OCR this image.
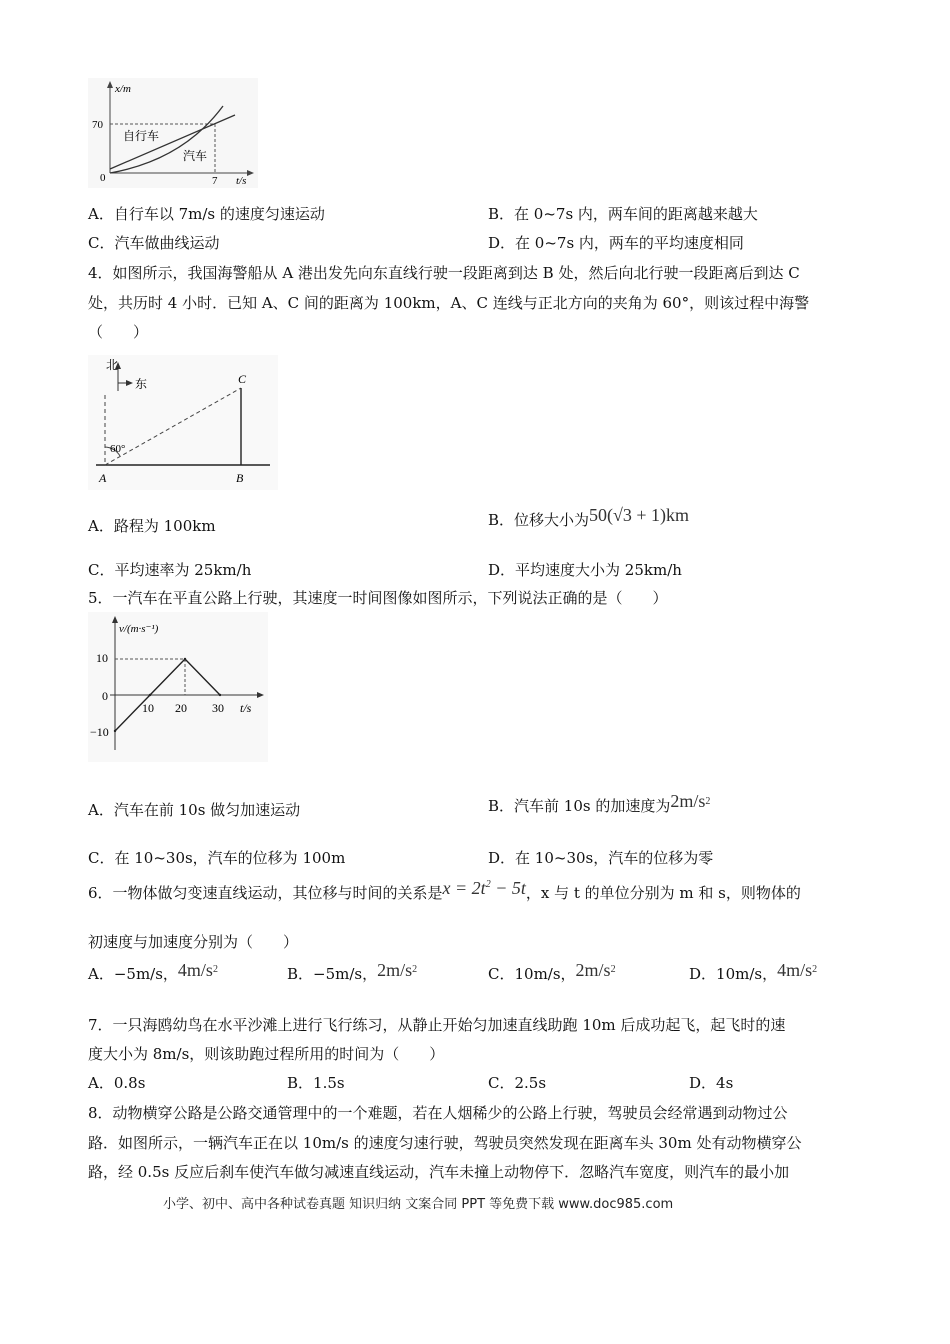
x/m
70
0	7 t/s
自行车
汽车
A．自行车以 7m/s 的速度匀速运动	B．在 0~7s 内，两车间的距离越来越大
C．汽车做曲线运动	D．在 0~7s 内，两车的平均速度相同
4．如图所示，我国海警船从 A 港出发先向东直线行驶一段距离到达 B 处，然后向北行驶一段距离后到达 C
处，共历时 4 小时．已知 A、C 间的距离为 100km，A、C 连线与正北方向的夹角为 60°，则该过程中海警
（　　）
北
东
60°
A	B
C
A．路程为 100km	B．位移大小为50(√3 + 1)km
C．平均速率为 25km/h	D．平均速度大小为 25km/h
5．一汽车在平直公路上行驶，其速度一时间图像如图所示，下列说法正确的是（　　）
v/(m·s⁻¹)
t/s
10
0
−10
10 20 30
A．汽车在前 10s 做匀加速运动	B．汽车前 10s 的加速度为$2m/s^2$
C．在 10~30s，汽车的位移为 100m	D．在 10~30s，汽车的位移为零
6．一物体做匀变速直线运动，其位移与时间的关系是$x = 2t^2 - 5t$，x 与 t 的单位分别为 m 和 s，则物体的
初速度与加速度分别为（　　）
A．−5m/s，$4m/s^2$	B．−5m/s，$2m/s^2$	C．10m/s，$2m/s^2$	D．10m/s，$4m/s^2$
7．一只海鸥幼鸟在水平沙滩上进行飞行练习，从静止开始匀加速直线助跑 10m 后成功起飞，起飞时的速
度大小为 8m/s，则该助跑过程所用的时间为（　　）
A．0.8s	B．1.5s	C．2.5s	D．4s
8．动物横穿公路是公路交通管理中的一个难题，若在人烟稀少的公路上行驶，驾驶员会经常遇到动物过公
路．如图所示，一辆汽车正在以 10m/s 的速度匀速行驶，驾驶员突然发现在距离车头 30m 处有动物横穿公
路，经 0.5s 反应后刹车使汽车做匀减速直线运动，汽车未撞上动物停下．忽略汽车宽度，则汽车的最小加
小学、初中、高中各种试卷真题 知识归纳 文案合同 PPT 等免费下载 www.doc985.com
